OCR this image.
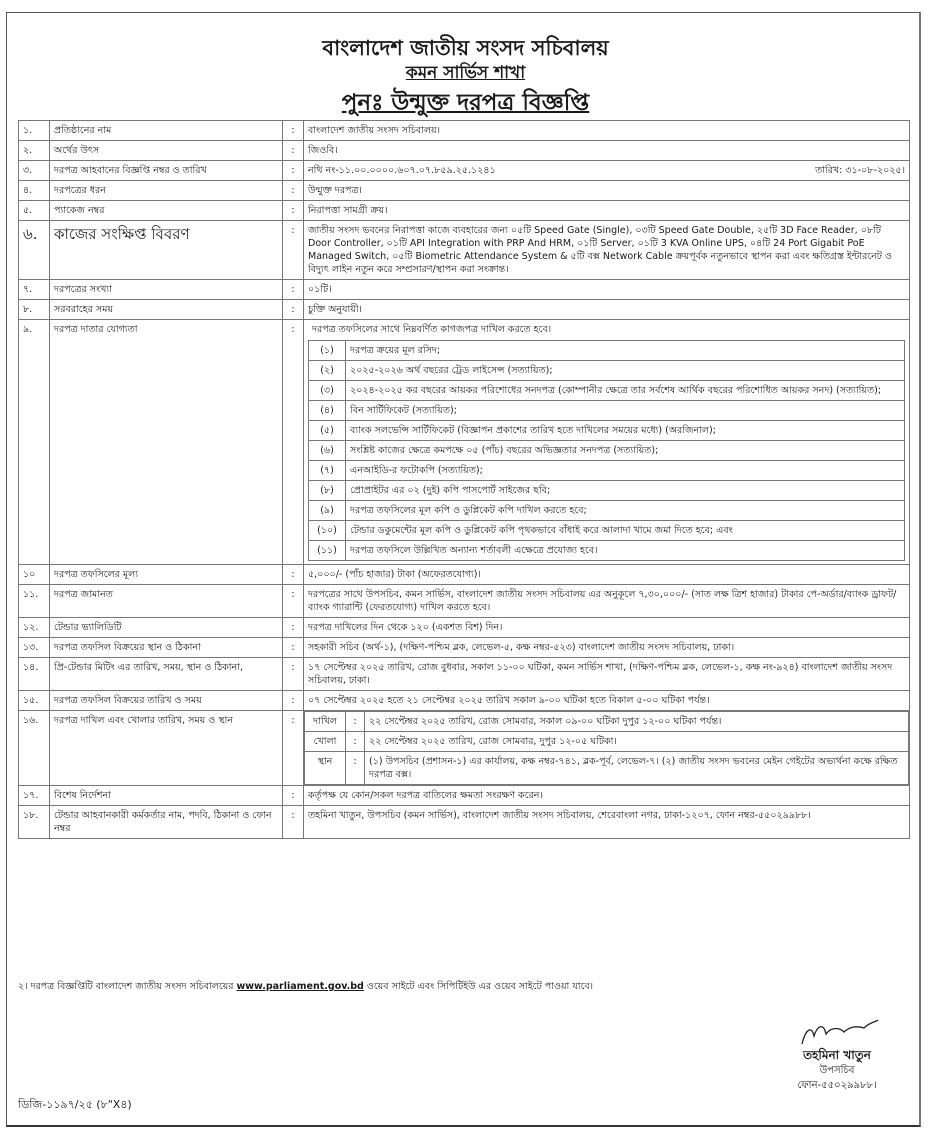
বাংলাদেশ জাতীয় সংসদ সচিবালয়
কমন সার্ভিস শাখা
পুনঃ উন্মুক্ত দরপত্র বিজ্ঞপ্তি
১.	প্রতিষ্ঠানের নাম	:	বাংলাদেশ জাতীয় সংসদ সচিবালয়।
২.	অর্থের উৎস	:	জিওবি।
৩.	দরপত্র আহবানের বিজ্ঞপ্তি নম্বর ও তারিখ	:	তারিখ: ৩১-০৮-২০২৫।
নথি নং-১১.০০.০০০০.৬০৭.০৭.৮৫৯.২৫.১২৪১
৪.	দরপত্রের ধরন	:	উন্মুক্ত দরপত্র।
৫.	প্যাকেজ নম্বর	:	নিরাপত্তা সামগ্রী ক্রয়।
৬.	কাজের সংক্ষিপ্ত বিবরণ	:	জাতীয় সংসদ ভবনের নিরাপত্তা কাজে ব্যবহারের জন্য ০৫টি Speed Gate (Single), ০৩টি Speed Gate Double, ২৫টি 3D Face Reader, ০৮টি Door Controller, ০১টি API Integration with PRP And HRM, ০১টি Server, ০১টি 3 KVA Online UPS, ০৪টি 24 Port Gigabit PoE Managed Switch, ০৫টি Biometric Attendance System & ৫টি বক্স Network Cable ক্রয়পূর্বক নতুনভাবে স্থাপন করা এবং ক্ষতিগ্রস্ত ইন্টারনেট ও বিদ্যুৎ লাইন নতুন করে সম্প্রসারণ/স্থাপন করা সংক্রান্ত।
৭.	দরপত্রের সংখ্যা	:	০১টি।
৮.	সরবরাহের সময়	:	চুক্তি অনুযায়ী।
৯.	দরপত্র দাতার যোগ্যতা	:	দরপত্র তফসিলের সাথে নিম্নবর্ণিত কাগজপত্র দাখিল করতে হবে।
(১)	দরপত্র ক্রয়ের মূল রসিদ;
(২)	২০২৫-২০২৬ অর্থ বছরের ট্রেড লাইসেন্স (সত্যায়িত);
(৩)	২০২৪-২০২৫ কর বছরের আয়কর পরিশোধের সনদপত্র (কোম্পানীর ক্ষেত্রে তার সর্বশেষ আর্থিক বছরের পরিশোধিত আয়কর সনদ) (সত্যায়িত);
(৪)	বিন সার্টিফিকেট (সত্যায়িত);
(৫)	ব্যাংক সলভেন্সি সার্টিফিকেট (বিজ্ঞাপন প্রকাশের তারিখ হতে দাখিলের সময়ের মধ্যে) (অরজিনাল);
(৬)	সংশ্লিষ্ট কাজের ক্ষেত্রে কমপক্ষে ০৫ (পাঁচ) বছরের অভিজ্ঞতার সনদপত্র (সত্যায়িত);
(৭)	এনআইডি-র ফটোকপি (সত্যায়িত);
(৮)	প্রোপ্রাইটর এর ০২ (দুই) কপি পাসপোর্ট সাইজের ছবি;
(৯)	দরপত্র তফসিলের মূল কপি ও ডুপ্লিকেট কপি দাখিল করতে হবে;
(১০)	টেন্ডার ডকুমেন্টের মূল কপি ও ডুপ্লিকেট কপি পৃথকভাবে বাঁধাই করে আলাদা খামে জমা দিতে হবে; এবং
(১১)	দরপত্র তফসিলে উল্লিখিত অন্যান্য শর্তাবলী এক্ষেত্রে প্রযোজ্য হবে।

১০	দরপত্র তফসিলের মূল্য	:	৫,০০০/- (পাঁচ হাজার) টাকা (অফেরতযোগ্য)।
১১.	দরপত্র জামানত	:	দরপত্রের সাথে উপসচিব, কমন সার্ভিস, বাংলাদেশ জাতীয় সংসদ সচিবালয় এর অনুকূলে ৭,৩০,০০০/- (সাত লক্ষ ত্রিশ হাজার) টাকার পে-অর্ডার/ব্যাংক ড্রাফট/ব্যাংক গ্যারান্টি (ফেরতযোগ্য) দাখিল করতে হবে।
১২.	টেন্ডার ভ্যালিডিটি	:	দরপত্র দাখিলের দিন থেকে ১২০ (একশত বিশ) দিন।
১৩.	দরপত্র তফসিল বিক্রয়ের স্থান ও ঠিকানা	:	সহকারী সচিব (অর্থ-১), (দক্ষিণ-পশ্চিম ব্লক, লেভেল-৫, কক্ষ নম্বর-৫২৩) বাংলাদেশ জাতীয় সংসদ সচিবালয়, ঢাকা।
১৪.	প্রি-টেন্ডার মিটিং এর তারিখ, সময়, স্থান ও ঠিকানা,	:	১৭ সেপ্টেম্বর ২০২৫ তারিখ, রোজ বুধবার, সকাল ১১-০০ ঘটিকা, কমন সার্ভিস শাখা, (দক্ষিণ-পশ্চিম ব্লক, লেভেল-১, কক্ষ নং-৯২৪) বাংলাদেশ জাতীয় সংসদ সচিবালয়, ঢাকা।
১৫.	দরপত্র তফসিল বিক্রয়ের তারিখ ও সময়	:	০৭ সেপ্টেম্বর ২০২৫ হতে ২১ সেপ্টেম্বর ২০২৫ তারিখ সকাল ৯-০০ ঘটিকা হতে বিকাল ৫-০০ ঘটিকা পর্যন্ত।
১৬.	দরপত্র দাখিল এবং খোলার তারিখ, সময় ও স্থান	:	দাখিল	:	২২ সেপ্টেম্বর ২০২৫ তারিখ, রোজ সোমবার, সকাল ০৯-০০ ঘটিকা দুপুর ১২-০০ ঘটিকা পর্যন্ত।
খোলা	:	২২ সেপ্টেম্বর ২০২৫ তারিখ, রোজ সোমবার, দুপুর ১২-০৫ ঘটিকা।
স্থান	:	(১) উপসচিব (প্রশাসন-১) এর কার্যালয়, কক্ষ নম্বর-৭৪১, ব্লক-পূর্ব, লেভেল-৭। (২) জাতীয় সংসদ ভবনের মেইন গেইটের অভ্যর্থনা কক্ষে রক্ষিত দরপত্র বক্স।

১৭.	বিশেষ নির্দেশনা	:	কর্তৃপক্ষ যে কোন/সকল দরপত্র বাতিলের ক্ষমতা সংরক্ষণ করেন।
১৮.	টেন্ডার আহবানকারী কর্মকর্তার নাম, পদবি, ঠিকানা ও ফোন নম্বর	:	তহমিনা খাতুন, উপসচিব (কমন সার্ভিস), বাংলাদেশ জাতীয় সংসদ সচিবালয়, শেরেবাংলা নগর, ঢাকা-১২০৭, ফোন নম্বর-৫৫০২৯৯৮৮।
২। দরপত্র বিজ্ঞপ্তিটি বাংলাদেশ জাতীয় সংসদ সচিবালয়ের www.parliament.gov.bd ওয়েব সাইটে এবং সিপিটিইউ এর ওয়েব সাইটে পাওয়া যাবে।
তহমিনা খাতুন
উপসচিব
ফোন-৫৫০২৯৯৮৮।
ডিজি-১১৯৭/২৫ (৮"X৪)
